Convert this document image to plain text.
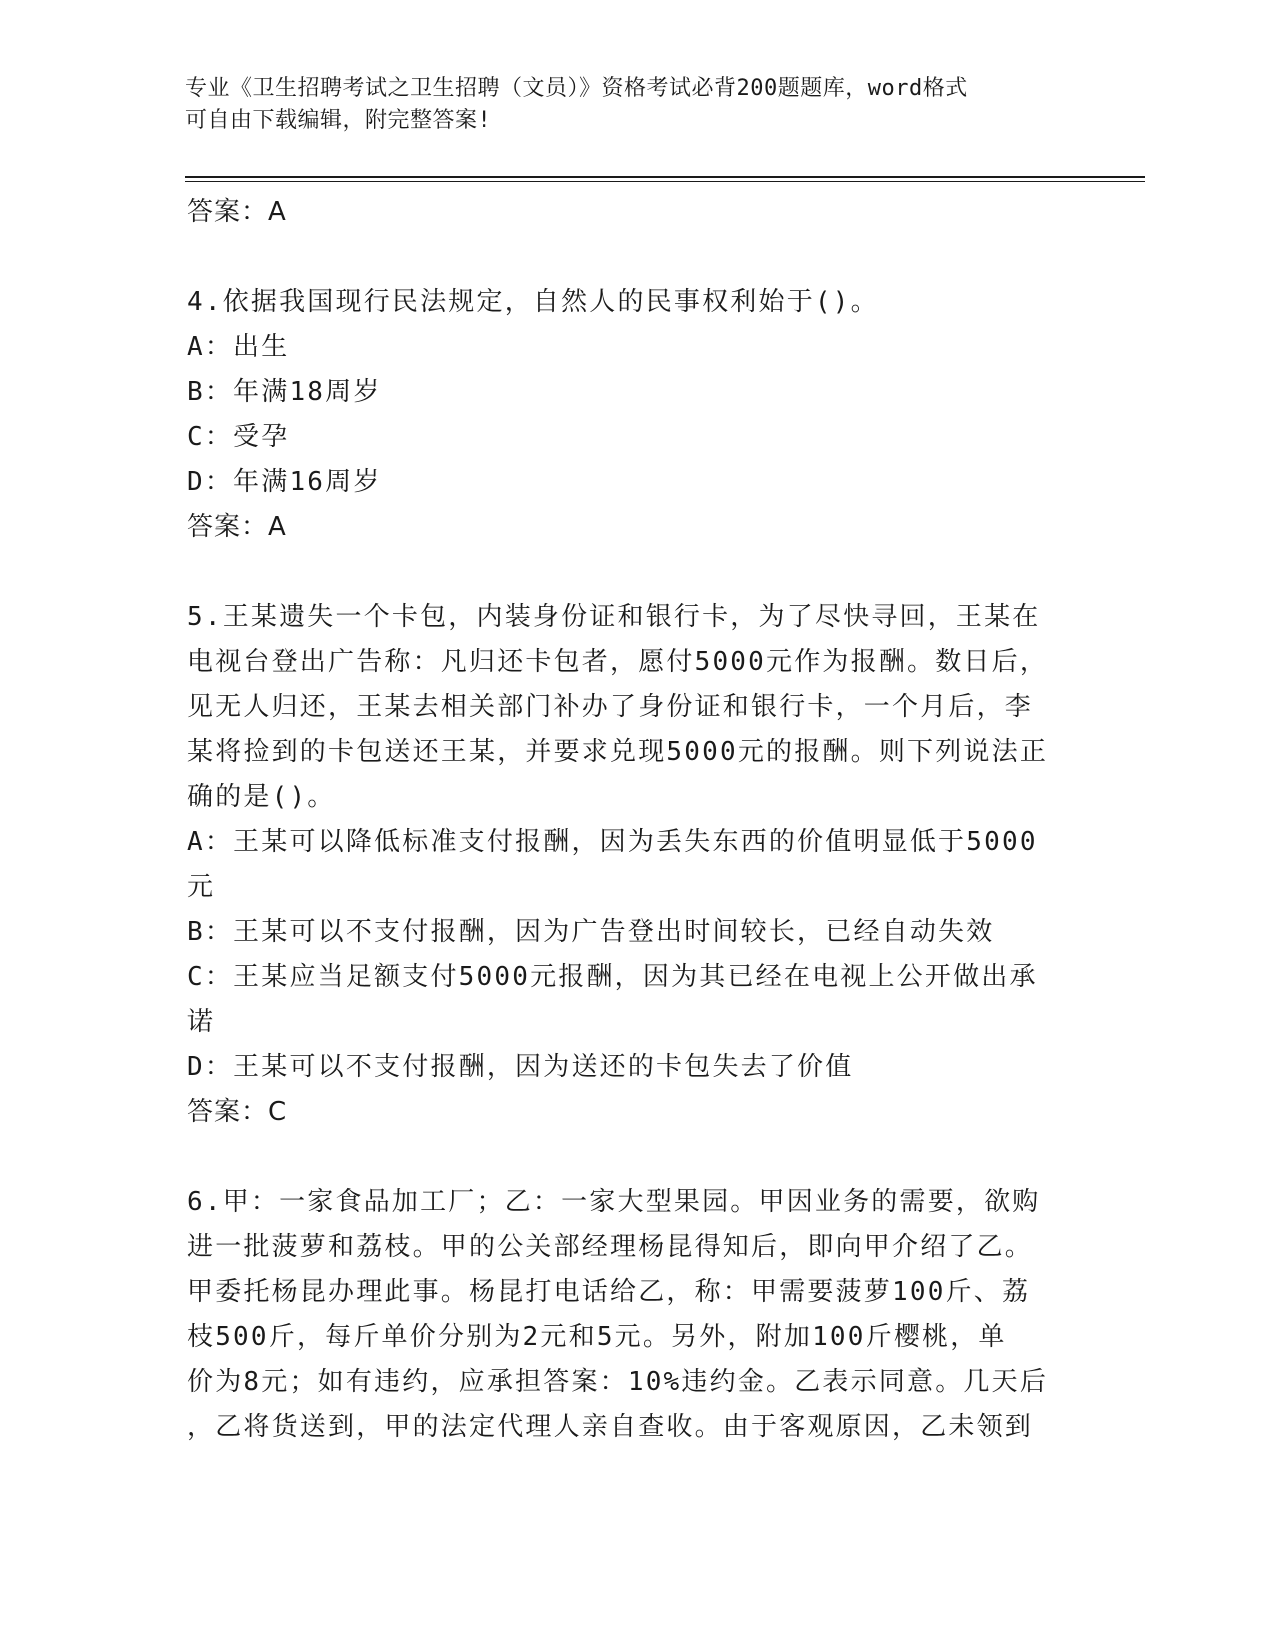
专业《卫生招聘考试之卫生招聘（文员）》资格考试必背200题题库，word格式
可自由下载编辑，附完整答案!
答案：A
4.依据我国现行民法规定，自然人的民事权利始于()。
A：出生
B：年满18周岁
C：受孕
D：年满16周岁
答案：A
5.王某遗失一个卡包，内装身份证和银行卡，为了尽快寻回，王某在
电视台登出广告称：凡归还卡包者，愿付5000元作为报酬。数日后，
见无人归还，王某去相关部门补办了身份证和银行卡，一个月后，李
某将捡到的卡包送还王某，并要求兑现5000元的报酬。则下列说法正
确的是()。
A：王某可以降低标准支付报酬，因为丢失东西的价值明显低于5000
元
B：王某可以不支付报酬，因为广告登出时间较长，已经自动失效
C：王某应当足额支付5000元报酬，因为其已经在电视上公开做出承
诺
D：王某可以不支付报酬，因为送还的卡包失去了价值
答案：C
6.甲：一家食品加工厂；乙：一家大型果园。甲因业务的需要，欲购
进一批菠萝和荔枝。甲的公关部经理杨昆得知后，即向甲介绍了乙。
甲委托杨昆办理此事。杨昆打电话给乙，称：甲需要菠萝100斤、荔
枝500斤，每斤单价分别为2元和5元。另外，附加100斤樱桃，单
价为8元；如有违约，应承担答案：10%违约金。乙表示同意。几天后
，乙将货送到，甲的法定代理人亲自查收。由于客观原因，乙未领到
